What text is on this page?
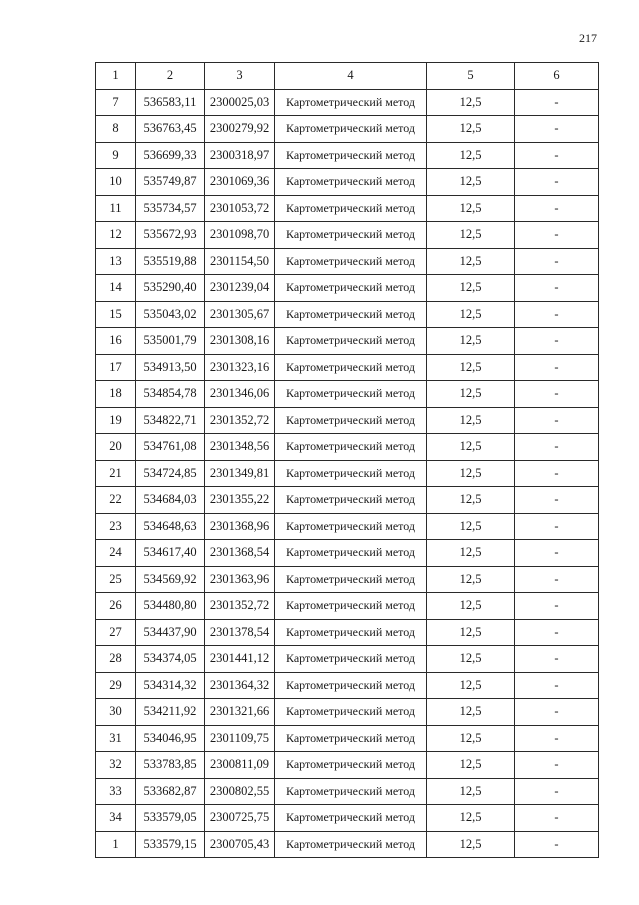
217
1	2	3	4	5	6
7	536583,11	2300025,03	Картометрический метод	12,5	-
8	536763,45	2300279,92	Картометрический метод	12,5	-
9	536699,33	2300318,97	Картометрический метод	12,5	-
10	535749,87	2301069,36	Картометрический метод	12,5	-
11	535734,57	2301053,72	Картометрический метод	12,5	-
12	535672,93	2301098,70	Картометрический метод	12,5	-
13	535519,88	2301154,50	Картометрический метод	12,5	-
14	535290,40	2301239,04	Картометрический метод	12,5	-
15	535043,02	2301305,67	Картометрический метод	12,5	-
16	535001,79	2301308,16	Картометрический метод	12,5	-
17	534913,50	2301323,16	Картометрический метод	12,5	-
18	534854,78	2301346,06	Картометрический метод	12,5	-
19	534822,71	2301352,72	Картометрический метод	12,5	-
20	534761,08	2301348,56	Картометрический метод	12,5	-
21	534724,85	2301349,81	Картометрический метод	12,5	-
22	534684,03	2301355,22	Картометрический метод	12,5	-
23	534648,63	2301368,96	Картометрический метод	12,5	-
24	534617,40	2301368,54	Картометрический метод	12,5	-
25	534569,92	2301363,96	Картометрический метод	12,5	-
26	534480,80	2301352,72	Картометрический метод	12,5	-
27	534437,90	2301378,54	Картометрический метод	12,5	-
28	534374,05	2301441,12	Картометрический метод	12,5	-
29	534314,32	2301364,32	Картометрический метод	12,5	-
30	534211,92	2301321,66	Картометрический метод	12,5	-
31	534046,95	2301109,75	Картометрический метод	12,5	-
32	533783,85	2300811,09	Картометрический метод	12,5	-
33	533682,87	2300802,55	Картометрический метод	12,5	-
34	533579,05	2300725,75	Картометрический метод	12,5	-
1	533579,15	2300705,43	Картометрический метод	12,5	-
